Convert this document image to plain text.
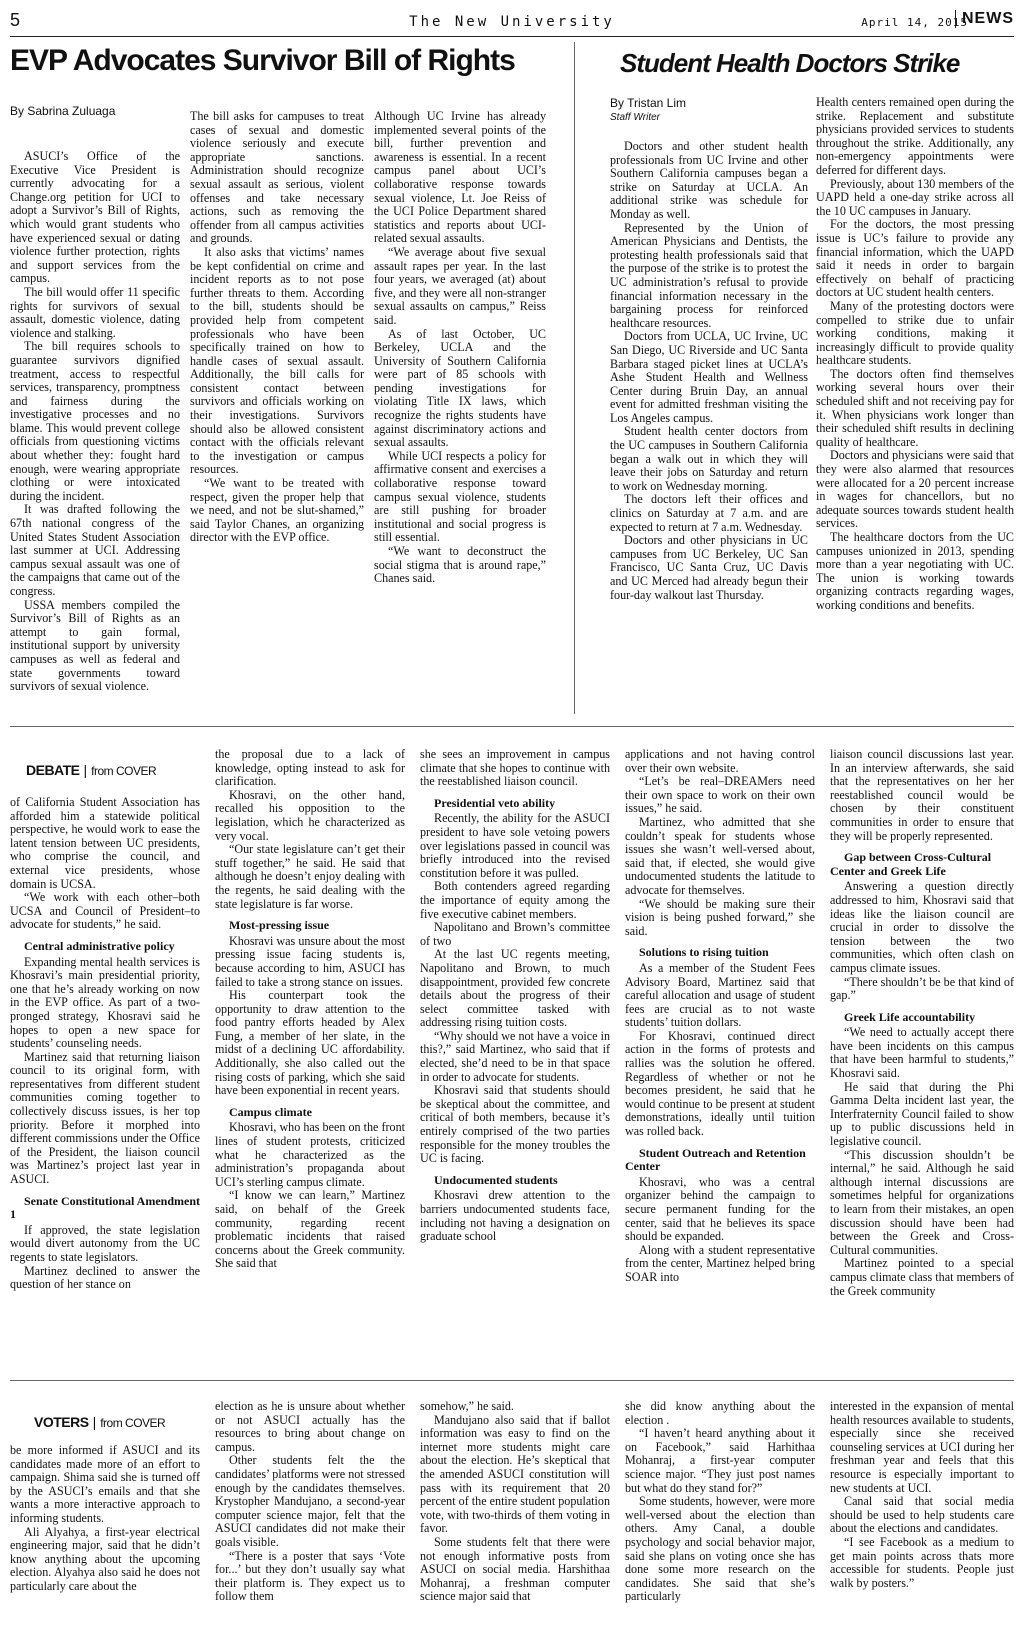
5	The New University	April 14, 2015
NEWS
EVP Advocates Survivor Bill of Rights
By Sabrina Zuluaga

ASUCI’s Office of the Executive Vice President is currently advocating for a Change.org petition for UCI to adopt a Survivor’s Bill of Rights, which would grant students who have experienced sexual or dating violence further protection, rights and support services from the campus.

The bill would offer 11 specific rights for survivors of sexual assault, domestic violence, dating violence and stalking.

The bill requires schools to guarantee survivors dignified treatment, access to respectful services, transparency, promptness and fairness during the investigative processes and no blame. This would prevent college officials from questioning victims about whether they: fought hard enough, were wearing appropriate clothing or were intoxicated during the incident.

It was drafted following the 67th national congress of the United States Student Association last summer at UCI. Addressing campus sexual assault was one of the campaigns that came out of the congress.

USSA members compiled the Survivor’s Bill of Rights as an attempt to gain formal, institutional support by university campuses as well as federal and state governments toward survivors of sexual violence.

The bill asks for campuses to treat cases of sexual and domestic violence seriously and execute appropriate sanctions. Administration should recognize sexual assault as serious, violent offenses and take necessary actions, such as removing the offender from all campus activities and grounds.

It also asks that victims’ names be kept confidential on crime and incident reports as to not pose further threats to them. According to the bill, students should be provided help from competent professionals who have been specifically trained on how to handle cases of sexual assault. Additionally, the bill calls for consistent contact between survivors and officials working on their investigations. Survivors should also be allowed consistent contact with the officials relevant to the investigation or campus resources.

“We want to be treated with respect, given the proper help that we need, and not be slut-shamed,” said Taylor Chanes, an organizing director with the EVP office.

Although UC Irvine has already implemented several points of the bill, further prevention and awareness is essential. In a recent campus panel about UCI’s collaborative response towards sexual violence, Lt. Joe Reiss of the UCI Police Department shared statistics and reports about UCI-related sexual assaults.

“We average about five sexual assault rapes per year. In the last four years, we averaged (at) about five, and they were all non-stranger sexual assaults on campus,” Reiss said.

As of last October, UC Berkeley, UCLA and the University of Southern California were part of 85 schools with pending investigations for violating Title IX laws, which recognize the rights students have against discriminatory actions and sexual assaults.

While UCI respects a policy for affirmative consent and exercises a collaborative response toward campus sexual violence, students are still pushing for broader institutional and social progress is still essential.

“We want to deconstruct the social stigma that is around rape,” Chanes said.

Student Health Doctors Strike
By Tristan Lim
Staff Writer

Doctors and other student health professionals from UC Irvine and other Southern California campuses began a strike on Saturday at UCLA. An additional strike was schedule for Monday as well.

Represented by the Union of American Physicians and Dentists, the protesting health professionals said that the purpose of the strike is to protest the UC administration’s refusal to provide financial information necessary in the bargaining process for reinforced healthcare resources.

Doctors from UCLA, UC Irvine, UC San Diego, UC Riverside and UC Santa Barbara staged picket lines at UCLA’s Ashe Student Health and Wellness Center during Bruin Day, an annual event for admitted freshman visiting the Los Angeles campus.

Student health center doctors from the UC campuses in Southern California began a walk out in which they will leave their jobs on Saturday and return to work on Wednesday morning.

The doctors left their offices and clinics on Saturday at 7 a.m. and are expected to return at 7 a.m. Wednesday.

Doctors and other physicians in UC campuses from UC Berkeley, UC San Francisco, UC Santa Cruz, UC Davis and UC Merced had already begun their four-day walkout last Thursday.

Health centers remained open during the strike. Replacement and substitute physicians provided services to students throughout the strike. Additionally, any non-emergency appointments were deferred for different days.

Previously, about 130 members of the UAPD held a one-day strike across all the 10 UC campuses in January.

For the doctors, the most pressing issue is UC’s failure to provide any financial information, which the UAPD said it needs in order to bargain effectively on behalf of practicing doctors at UC student health centers.

Many of the protesting doctors were compelled to strike due to unfair working conditions, making it increasingly difficult to provide quality healthcare students.

The doctors often find themselves working several hours over their scheduled shift and not receiving pay for it. When physicians work longer than their scheduled shift results in declining quality of healthcare.

Doctors and physicians were said that they were also alarmed that resources were allocated for a 20 percent increase in wages for chancellors, but no adequate sources towards student health services.

The healthcare doctors from the UC campuses unionized in 2013, spending more than a year negotiating with UC. The union is working towards organizing contracts regarding wages, working conditions and benefits.

DEBATE | from COVER

of California Student Association has afforded him a statewide political perspective, he would work to ease the latent tension between UC presidents, who comprise the council, and external vice presidents, whose domain is UCSA.

“We work with each other–both UCSA and Council of President–to advocate for students,” he said.

Central administrative policy

Expanding mental health services is Khosravi’s main presidential priority, one that he’s already working on now in the EVP office. As part of a two-pronged strategy, Khosravi said he hopes to open a new space for students’ counseling needs.

Martinez said that returning liaison council to its original form, with representatives from different student communities coming together to collectively discuss issues, is her top priority. Before it morphed into different commissions under the Office of the President, the liaison council was Martinez’s project last year in ASUCI.

Senate Constitutional Amendment 1

If approved, the state legislation would divert autonomy from the UC regents to state legislators.

Martinez declined to answer the question of her stance on

the proposal due to a lack of knowledge, opting instead to ask for clarification.

Khosravi, on the other hand, recalled his opposition to the legislation, which he characterized as very vocal.

“Our state legislature can’t get their stuff together,” he said. He said that although he doesn’t enjoy dealing with the regents, he said dealing with the state legislature is far worse.

Most-pressing issue

Khosravi was unsure about the most pressing issue facing students is, because according to him, ASUCI has failed to take a strong stance on issues.

His counterpart took the opportunity to draw attention to the food pantry efforts headed by Alex Fung, a member of her slate, in the midst of a declining UC affordability. Additionally, she also called out the rising costs of parking, which she said have been exponential in recent years.

Campus climate

Khosravi, who has been on the front lines of student protests, criticized what he characterized as the administration’s propaganda about UCI’s sterling campus climate.

“I know we can learn,” Martinez said, on behalf of the Greek community, regarding recent problematic incidents that raised concerns about the Greek community. She said that

she sees an improvement in campus climate that she hopes to continue with the reestablished liaison council.

Presidential veto ability

Recently, the ability for the ASUCI president to have sole vetoing powers over legislations passed in council was briefly introduced into the revised constitution before it was pulled.

Both contenders agreed regarding the importance of equity among the five executive cabinet members.

Napolitano and Brown’s committee of two

At the last UC regents meeting, Napolitano and Brown, to much disappointment, provided few concrete details about the progress of their select committee tasked with addressing rising tuition costs.

“Why should we not have a voice in this?,” said Martinez, who said that if elected, she’d need to be in that space in order to advocate for students.

Khosravi said that students should be skeptical about the committee, and critical of both members, because it’s entirely comprised of the two parties responsible for the money troubles the UC is facing.

Undocumented students

Khosravi drew attention to the barriers undocumented students face, including not having a designation on graduate school

applications and not having control over their own website.

“Let’s be real–DREAMers need their own space to work on their own issues,” he said.

Martinez, who admitted that she couldn’t speak for students whose issues she wasn’t well-versed about, said that, if elected, she would give undocumented students the latitude to advocate for themselves.

“We should be making sure their vision is being pushed forward,” she said.

Solutions to rising tuition

As a member of the Student Fees Advisory Board, Martinez said that careful allocation and usage of student fees are crucial as to not waste students’ tuition dollars.

For Khosravi, continued direct action in the forms of protests and rallies was the solution he offered. Regardless of whether or not he becomes president, he said that he would continue to be present at student demonstrations, ideally until tuition was rolled back.

Student Outreach and Retention Center

Khosravi, who was a central organizer behind the campaign to secure permanent funding for the center, said that he believes its space should be expanded.

Along with a student representative from the center, Martinez helped bring SOAR into

liaison council discussions last year. In an interview afterwards, she said that the representatives on her her reestablished council would be chosen by their constituent communities in order to ensure that they will be properly represented.

Gap between Cross-Cultural Center and Greek Life

Answering a question directly addressed to him, Khosravi said that ideas like the liaison council are crucial in order to dissolve the tension between the two communities, which often clash on campus climate issues.

“There shouldn’t be be that kind of gap.”

Greek Life accountability

“We need to actually accept there have been incidents on this campus that have been harmful to students,” Khosravi said.

He said that during the Phi Gamma Delta incident last year, the Interfraternity Council failed to show up to public discussions held in legislative council.

“This discussion shouldn’t be internal,” he said. Although he said although internal discussions are sometimes helpful for organizations to learn from their mistakes, an open discussion should have been had between the Greek and Cross-Cultural communities.

Martinez pointed to a special campus climate class that members of the Greek community

VOTERS | from COVER

be more informed if ASUCI and its candidates made more of an effort to campaign. Shima said she is turned off by the ASUCI’s emails and that she wants a more interactive approach to informing students.

Ali Alyahya, a first-year electrical engineering major, said that he didn’t know anything about the upcoming election. Alyahya also said he does not particularly care about the

election as he is unsure about whether or not ASUCI actually has the resources to bring about change on campus.

Other students felt the the candidates’ platforms were not stressed enough by the candidates themselves. Krystopher Mandujano, a second-year computer science major, felt that the ASUCI candidates did not make their goals visible.

“There is a poster that says ‘Vote for...’ but they don’t usually say what their platform is. They expect us to follow them

somehow,” he said.

Mandujano also said that if ballot information was easy to find on the internet more students might care about the election. He’s skeptical that the amended ASUCI constitution will pass with its requirement that 20 percent of the entire student population vote, with two-thirds of them voting in favor.

Some students felt that there were not enough informative posts from ASUCI on social media. Harshithaa Mohanraj, a freshman computer science major said that

she did know anything about the election .

“I haven’t heard anything about it on Facebook,” said Harhithaa Mohanraj, a first-year computer science major. “They just post names but what do they stand for?”

Some students, however, were more well-versed about the election than others. Amy Canal, a double psychology and social behavior major, said she plans on voting once she has done some more research on the candidates. She said that she’s particularly

interested in the expansion of mental health resources available to students, especially since she received counseling services at UCI during her freshman year and feels that this resource is especially important to new students at UCI.

Canal said that social media should be used to help students care about the elections and candidates.

“I see Facebook as a medium to get main points across thats more accessible for students. People just walk by posters.”
